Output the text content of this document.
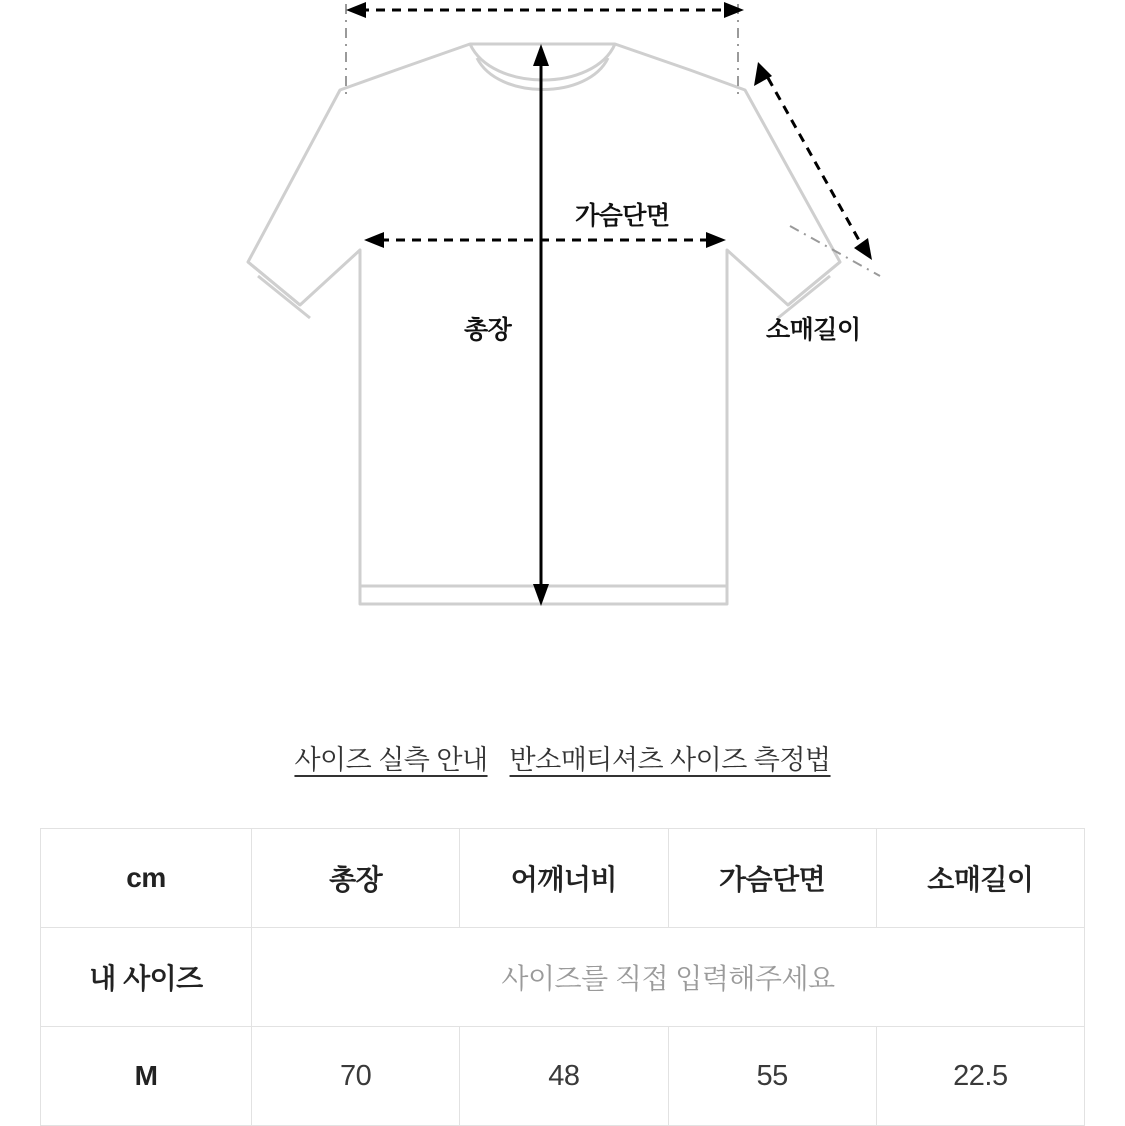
가슴단면
총장	소매길이
사이즈 실측 안내 반소매티셔츠 사이즈 측정법
cm	총장	어깨너비	가슴단면	소매길이
내 사이즈	사이즈를 직접 입력해주세요			
M	70	48	55	22.5
